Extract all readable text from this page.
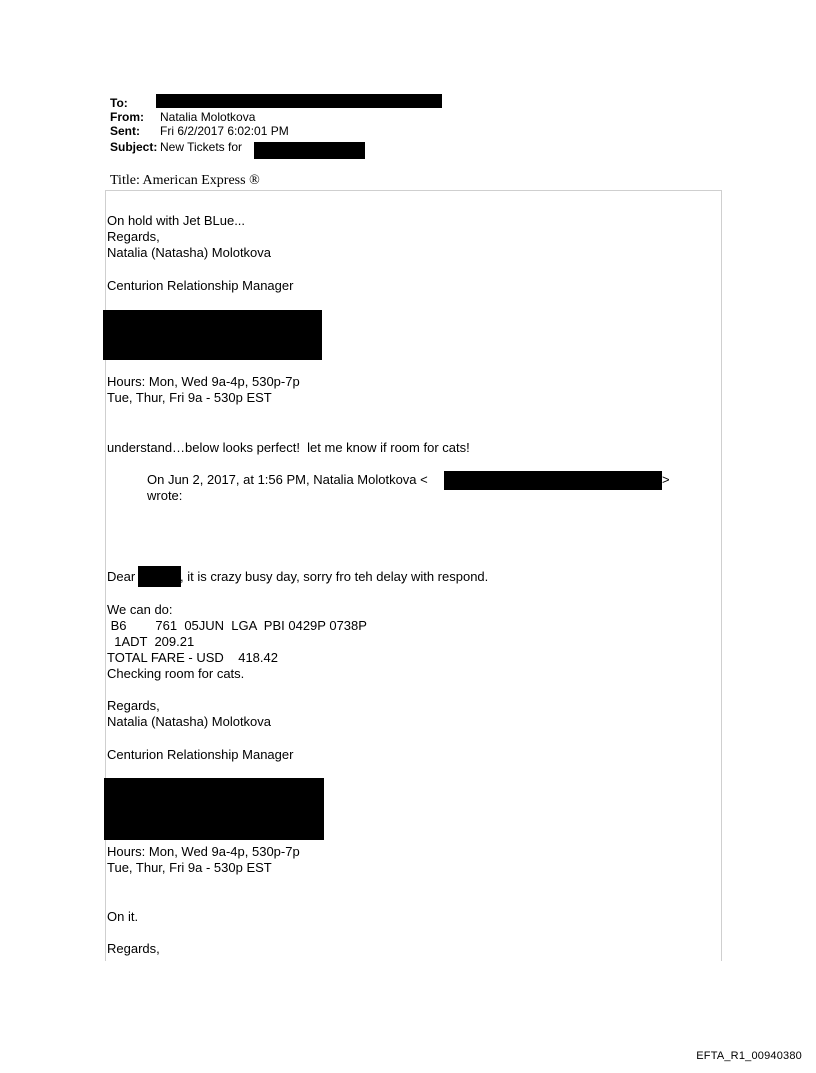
To:
From: Natalia Molotkova
Sent: Fri 6/2/2017 6:02:01 PM
Subject: New Tickets for
Title: American Express ®
On hold with Jet BLue...
Regards,
Natalia (Natasha) Molotkova
Centurion Relationship Manager
Hours: Mon, Wed 9a-4p, 530p-7p
Tue, Thur, Fri 9a - 530p EST
understand…below looks perfect!  let me know if room for cats!
On Jun 2, 2017, at 1:56 PM, Natalia Molotkova <	>
wrote:
Dear	, it is crazy busy day, sorry fro teh delay with respond.
We can do:
B6        761  05JUN  LGA  PBI 0429P 0738P
1ADT  209.21
TOTAL FARE - USD    418.42
Checking room for cats.
Regards,
Natalia (Natasha) Molotkova
Centurion Relationship Manager
Hours: Mon, Wed 9a-4p, 530p-7p
Tue, Thur, Fri 9a - 530p EST
On it.
Regards,
EFTA_R1_00940380
